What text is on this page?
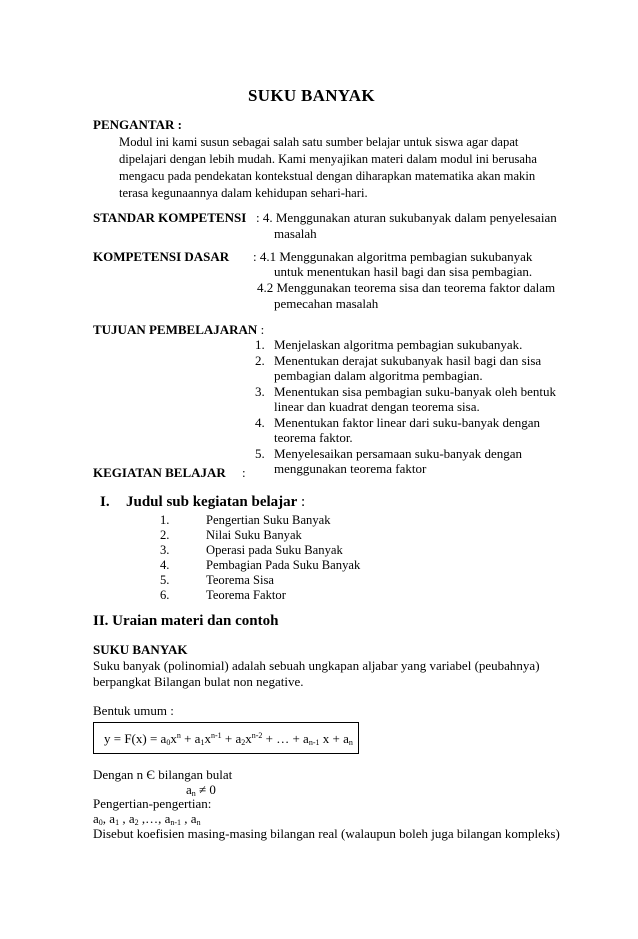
SUKU BANYAK
PENGANTAR :
Modul ini kami susun sebagai salah satu sumber belajar untuk siswa agar dapat
dipelajari dengan lebih mudah. Kami menyajikan materi dalam modul ini berusaha
mengacu pada pendekatan kontekstual dengan diharapkan matematika akan makin
terasa kegunaannya dalam kehidupan sehari-hari.
STANDAR KOMPETENSI : 4. Menggunakan aturan sukubanyak dalam penyelesaian
masalah
KOMPETENSI DASAR : 4.1 Menggunakan algoritma pembagian sukubanyak
untuk menentukan hasil bagi dan sisa pembagian.
4.2 Menggunakan teorema sisa dan teorema faktor dalam
pemecahan masalah
TUJUAN PEMBELAJARAN :
1. Menjelaskan algoritma pembagian sukubanyak.
2. Menentukan derajat sukubanyak hasil bagi dan sisa
pembagian dalam algoritma pembagian.
3. Menentukan sisa pembagian suku-banyak oleh bentuk
linear dan kuadrat dengan teorema sisa.
4. Menentukan faktor linear dari suku-banyak dengan
teorema faktor.
5. Menyelesaikan persamaan suku-banyak dengan
menggunakan teorema faktor
KEGIATAN BELAJAR :
I. Judul sub kegiatan belajar :
1.	Pengertian Suku Banyak
2.	Nilai Suku Banyak
3.	Operasi pada Suku Banyak
4.	Pembagian Pada Suku Banyak
5.	Teorema Sisa
6.	Teorema Faktor
II. Uraian materi dan contoh
SUKU BANYAK
Suku banyak (polinomial) adalah sebuah ungkapan aljabar yang variabel (peubahnya)
berpangkat Bilangan bulat non negative.
Bentuk umum :
$y = F(x) = a_0x^n + a_1x^{n-1} + a_2x^{n-2}$ + … + $a_{n-1}$ $x + a_n$
Dengan n Є bilangan bulat
$a_n \ne 0$
Pengertian-pengertian:
$a_0$, $a_1$ , $a_2$ ,…, $a_{n-1}$ , $a_n$
Disebut koefisien masing-masing bilangan real (walaupun boleh juga bilangan kompleks)
